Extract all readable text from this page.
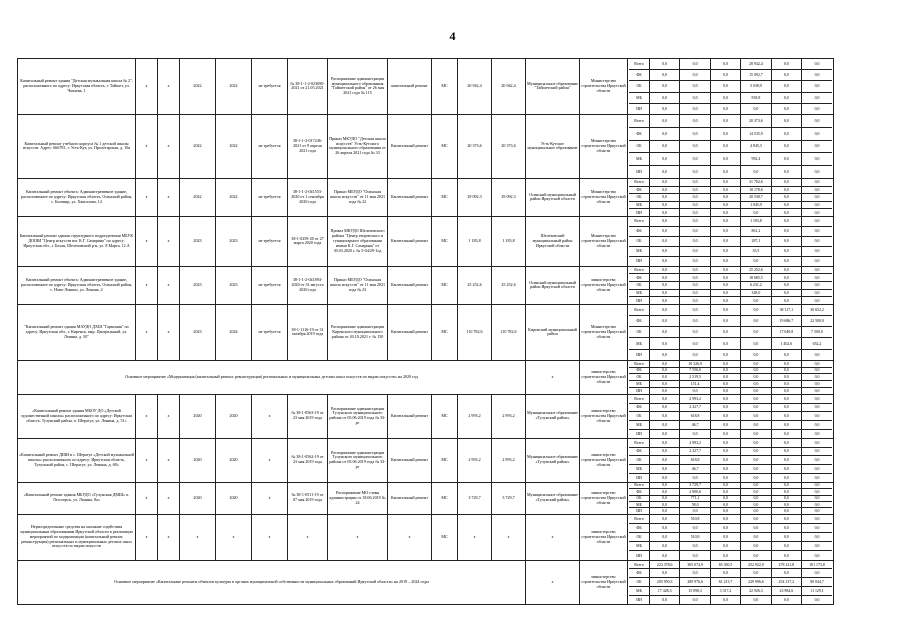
4
Капитальный ремонт здания "Детская музыкальная школа № 2", расположенного по адресу: Иркутская область, г. Тайшет, ул. Чапаева, 1	x	x	2022	2022	не требуется	№ 38-1-1-2-023690-2021 от 21.05.2021	Распоряжение администрации муниципального образования "Тайшетский район" от 26 мая 2021 года № 115	капитальный ремонт	МС	20 942,4	20 942,4	Муниципальное образование "Тайшетский район"	Министерство строительства Иркутской области	
Всего	0,0	0,0	0,0	20 942,4	0,0	0,0
ФБ	0,0	0,0	0,0	15 092,7	0,0	0,0
ОБ	0,0	0,0	0,0	5 030,9	0,0	0,0
МБ	0,0	0,0	0,0	818,8	0,0	0,0
ИИ	0,0	0,0	0,0	0,0	0,0	0,0

Капитальный ремонт учебного корпуса № 1 детской школы искусств. Адрес: 666781, г. Усть-Кут, ул. Пролетарская, д. 10а	x	x	2022	2022	не требуется	38-1-1-2-017246-2021 от 9 апреля 2021 года	Приказ МКУДО "Детская школа искусств" Усть-Кутского муниципального образования от 26 апреля 2021 года № 33	Капитальный ремонт	МС	20 373,6	20 373,6	Усть-Кутское муниципальное образование	Министерство строительства Иркутской области	
Всего	0,0	0,0	0,0	20 373,6	0,0	0,0
ФБ	0,0	0,0	0,0	14 535,9	0,0	0,0
ОБ	0,0	0,0	0,0	4 845,3	0,0	0,0
МБ	0,0	0,0	0,0	992,4	0,0	0,0
ИИ	0,0	0,0	0,0	0,0	0,0	0,0

Капитальный ремонт объекта: Административное здание, расположенное по адресу: Иркутская область, Осинский район, с. Бильчир, ул. Хангалова, 14	x	x	2022	2022	не требуется	38-1-1-2-041553-2020 от 1 сентября 2020 года	Приказ МБУДО "Осинская школа искусств" от 11 мая 2021 года № 22	Капитальный ремонт	МС	29 092,3	29 092,3	Осинский муниципальный район Иркутской области	Министерство строительства Иркутской области	
Всего	0,0	0,0	0,0	31 702,6	0,0	0,0
ФБ	0,0	0,0	0,0	10 178,6	0,0	0,0
ОБ	0,0	0,0	0,0	20 538,7	0,0	0,0
МБ	0,0	0,0	0,0	1 045,9	0,0	0,0
ИИ	0,0	0,0	0,0	0,0	0,0	0,0

Капитальный ремонт здания структурного подразделения МБУК ДОШИ "Центр искусств им. К.Г. Самарина" по адресу: Иркутская обл., г. Белая, Шелеховский р-н, ул. 8 Марта, 12 А	x	x	2023	2023	не требуется	38-1-0259-20 от 27 марта 2020 года	Приказ МКУДО Шелеховского района "Центр творческого и гуманитарного образования имени К.Г. Самарина" от 30.03.2020 г. № 5-04/29-1од	Капитальный ремонт	МС	1 183,8	1 183,8	Шелеховский муниципальный район Иркутской области	Министерство строительства Иркутской области	
Всего	0,0	0,0	0,0	1 183,8	0,0	0,0
ФБ	0,0	0,0	0,0	861,2	0,0	0,0
ОБ	0,0	0,0	0,0	287,1	0,0	0,0
МБ	0,0	0,0	0,0	35,5	0,0	0,0
ИИ	0,0	0,0	0,0	0,0	0,0	0,0

Капитальный ремонт объекта: Административное здание, расположенное по адресу: Иркутская область, Осинский район, с. Ново-Ленино, ул. Ленина, 2	x	x	2023	2023	не требуется	38-1-1-2-041894-2020 от 31 августа 2020 года	Приказ МБУДО "Осинская школа искусств" от 11 мая 2021 года № 23	Капитальный ремонт	МС	25 252,6	25 252,6	Осинский муниципальный район Иркутской области	министерство строительства Иркутской области	
Всего	0,0	0,0	0,0	25 252,6	0,0	0,0
ФБ	0,0	0,0	0,0	18 685,5	0,0	0,0
ОБ	0,0	0,0	0,0	6 231,2	0,0	0,0
МБ	0,0	0,0	0,0	328,0	0,0	0,0
ИИ	0,0	0,0	0,0	0,0	0,0	0,0

"Капитальный ремонт здания МАУДО ДХШ "Гармония" по адресу: Иркутская обл., г. Киренск, мкр. Центральный, ул. Ленина, д. 50"	x	x	2023	2024	не требуется	38-1-1116-19 от 31 октября 2019 года	Распоряжение администрации Киренского муниципального района от 20.10.2021 г. № 150	Капитальный ремонт	МС	110 782,6	110 782,6	Киренский муниципальный район	Министерство строительства Иркутской области	
Всего	0,0	0,0	0,0	0,0	38 117,1	30 652,2
ФБ	0,0	0,0	0,0	0,0	19 686,7	22 500,0
ОБ	0,0	0,0	0,0	0,0	17 049,8	7 500,0
МБ	0,0	0,0	0,0	0,0	1 402,6	652,2
ИИ	0,0	0,0	0,0	0,0	0,0	0,0

Основное мероприятие «Модернизация (капитальный ремонт, реконструкция) региональных и муниципальных детских школ искусств по видам искусств» на 2020 год	x	министерство строительства Иркутской области	
Всего	0,0	10 326,9	0,0	0,0	0,0	0,0
ФБ	0,0	7 556,0	0,0	0,0	0,0	0,0
ОБ	0,0	2 519,5	0,0	0,0	0,0	0,0
МБ	0,0	151,4	0,0	0,0	0,0	0,0
ИИ	0,0	0,0	0,0	0,0	0,0	0,0

«Капитальный ремонт здания МБОУ ДО «Детской художественной школы» расположенного по адресу: Иркутская область, Тулунский район, п. Шерагул, ул. Ленина, д. 51»	x	x	2020	2020	x	№ 38-1-0563-19 от 23 мая 2019 года	Распоряжение администрации Тулунского муниципального района от 05.06.2019 года № 33-рг	Капитальный ремонт	МС	2 993,2	2 993,2	Муниципальное образование «Тулунский район»	министерство строительства Иркутской области	
Всего	0,0	2 993,2	0,0	0,0	0,0	0,0
ФБ	0,0	2 327,7	0,0	0,0	0,0	0,0
ОБ	0,0	618,8	0,0	0,0	0,0	0,0
МБ	0,0	46,7	0,0	0,0	0,0	0,0
ИИ	0,0	0,0	0,0	0,0	0,0	0,0

«Капитальный ремонт ДШИ в с. Шерагул «Детской музыкальной школы» расположенного по адресу: Иркутская область, Тулунский район, с. Шерагул, ул. Ленина, д. 68»	x	x	2020	2020	x	№ 38-1-0562-19 от 23 мая 2019 года	Распоряжение администрации Тулунского муниципального района от 05.06.2019 года № 33-рг	Капитальный ремонт	МС	2 993,2	2 993,2	Муниципальное образование «Тулунский район»	министерство строительства Иркутской области	
Всего	0,0	2 993,2	0,0	0,0	0,0	0,0
ФБ	0,0	2 327,7	0,0	0,0	0,0	0,0
ОБ	0,0	618,8	0,0	0,0	0,0	0,0
МБ	0,0	46,7	0,0	0,0	0,0	0,0
ИИ	0,0	0,0	0,0	0,0	0,0	0,0

«Капитальный ремонт здания МБУДО «Тулунская ДМШ» п. Лесогорск, ул. Ленина, 8а»	x	x	2020	2020	x	№ 38-1-0511-19 от 07 мая 2019 года	Распоряжение МО главы администрации от 18.06.2019 № 24	Капитальный ремонт	МС	3 729,7	3 729,7	Муниципальное образование «Тулунский район»	министерство строительства Иркутской области	
Всего	0,0	3 729,7	0,0	0,0	0,0	0,0
ФБ	0,0	2 900,6	0,0	0,0	0,0	0,0
ОБ	0,0	771,1	0,0	0,0	0,0	0,0
МБ	0,0	58,0	0,0	0,0	0,0	0,0
ИИ	0,0	0,0	0,0	0,0	0,0	0,0

Нераспределенные средства на оказание содействия муниципальным образованиям Иркутской области в реализации мероприятий по модернизации (капитальный ремонт, реконструкция) региональных и муниципальных детских школ искусств по видам искусств	x	x	x	x	x	x	x	x	МС	x	x	x	министерство строительства Иркутской области	
Всего	0,0	510,8	0,0	0,0	0,0	0,0
ФБ	0,0	0,0	0,0	0,0	0,0	0,0
ОБ	0,0	510,8	0,0	0,0	0,0	0,0
МБ	0,0	0,0	0,0	0,0	0,0	0,0
ИИ	0,0	0,0	0,0	0,0	0,0	0,0

Основное мероприятие «Капитальные ремонты объектов культуры в органах муниципальной собственности муниципальных образований Иркутской области» на 2019 – 2024 годы	x	министерство строительства Иркутской области	
Всего	223 378,6	305 074,9	65 350,5	252 922,9	278 121,8	101 173,8
ФБ	0,0	0,0	0,0	0,0	0,0	0,0
ОБ	205 950,3	289 976,6	61 213,7	229 996,6	254 137,2	90 044,7
МБ	17 428,3	15 098,3	3 317,2	22 926,3	23 984,6	11 129,1
ИИ	0,0	0,0	0,0	0,0	0,0	0,0
